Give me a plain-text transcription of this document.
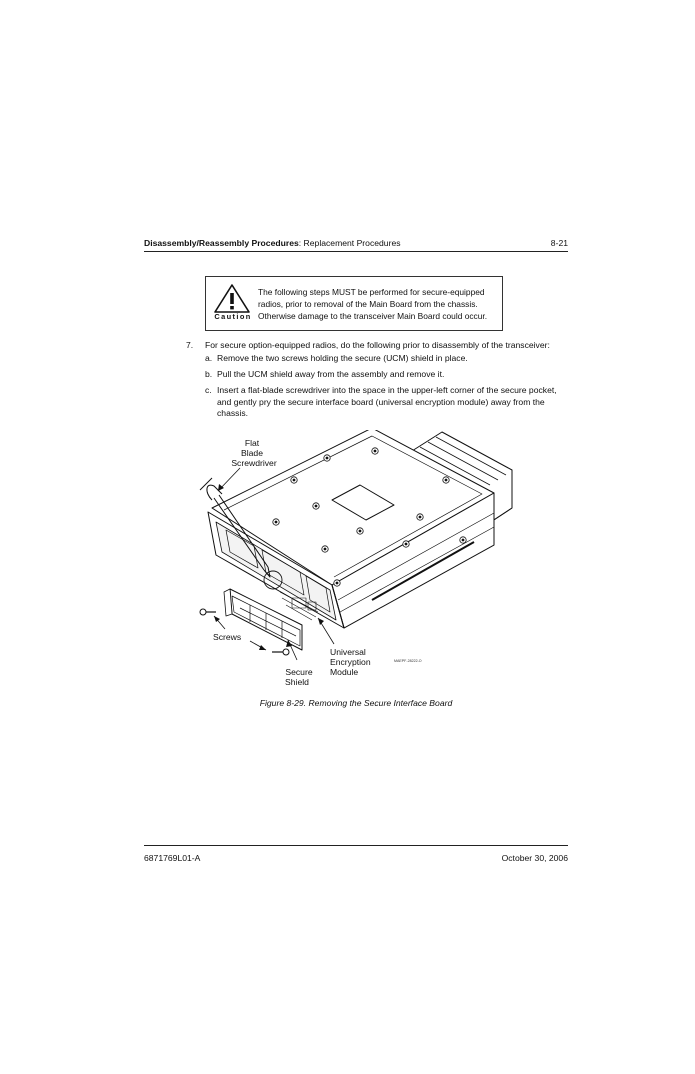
Disassembly/Reassembly Procedures: Replacement Procedures	8-21
Caution
The following steps MUST be performed for secure-equipped radios, prior to removal of the Main Board from the chassis. Otherwise damage to the transceiver Main Board could occur.
7. For secure option-equipped radios, do the following prior to disassembly of the transceiver:
a. Remove the two screws holding the secure (UCM) shield in place.
b. Pull the UCM shield away from the assembly and remove it.
c. Insert a flat-blade screwdriver into the space in the upper-left corner of the secure pocket, and gently pry the secure interface board (universal encryption module) away from the chassis.
Flat
Blade
Screwdriver
Screws
Secure
Shield
Universal
Encryption
Module
MAEPF-28222-O
Figure 8-29. Removing the Secure Interface Board
6871769L01-A	October 30, 2006
